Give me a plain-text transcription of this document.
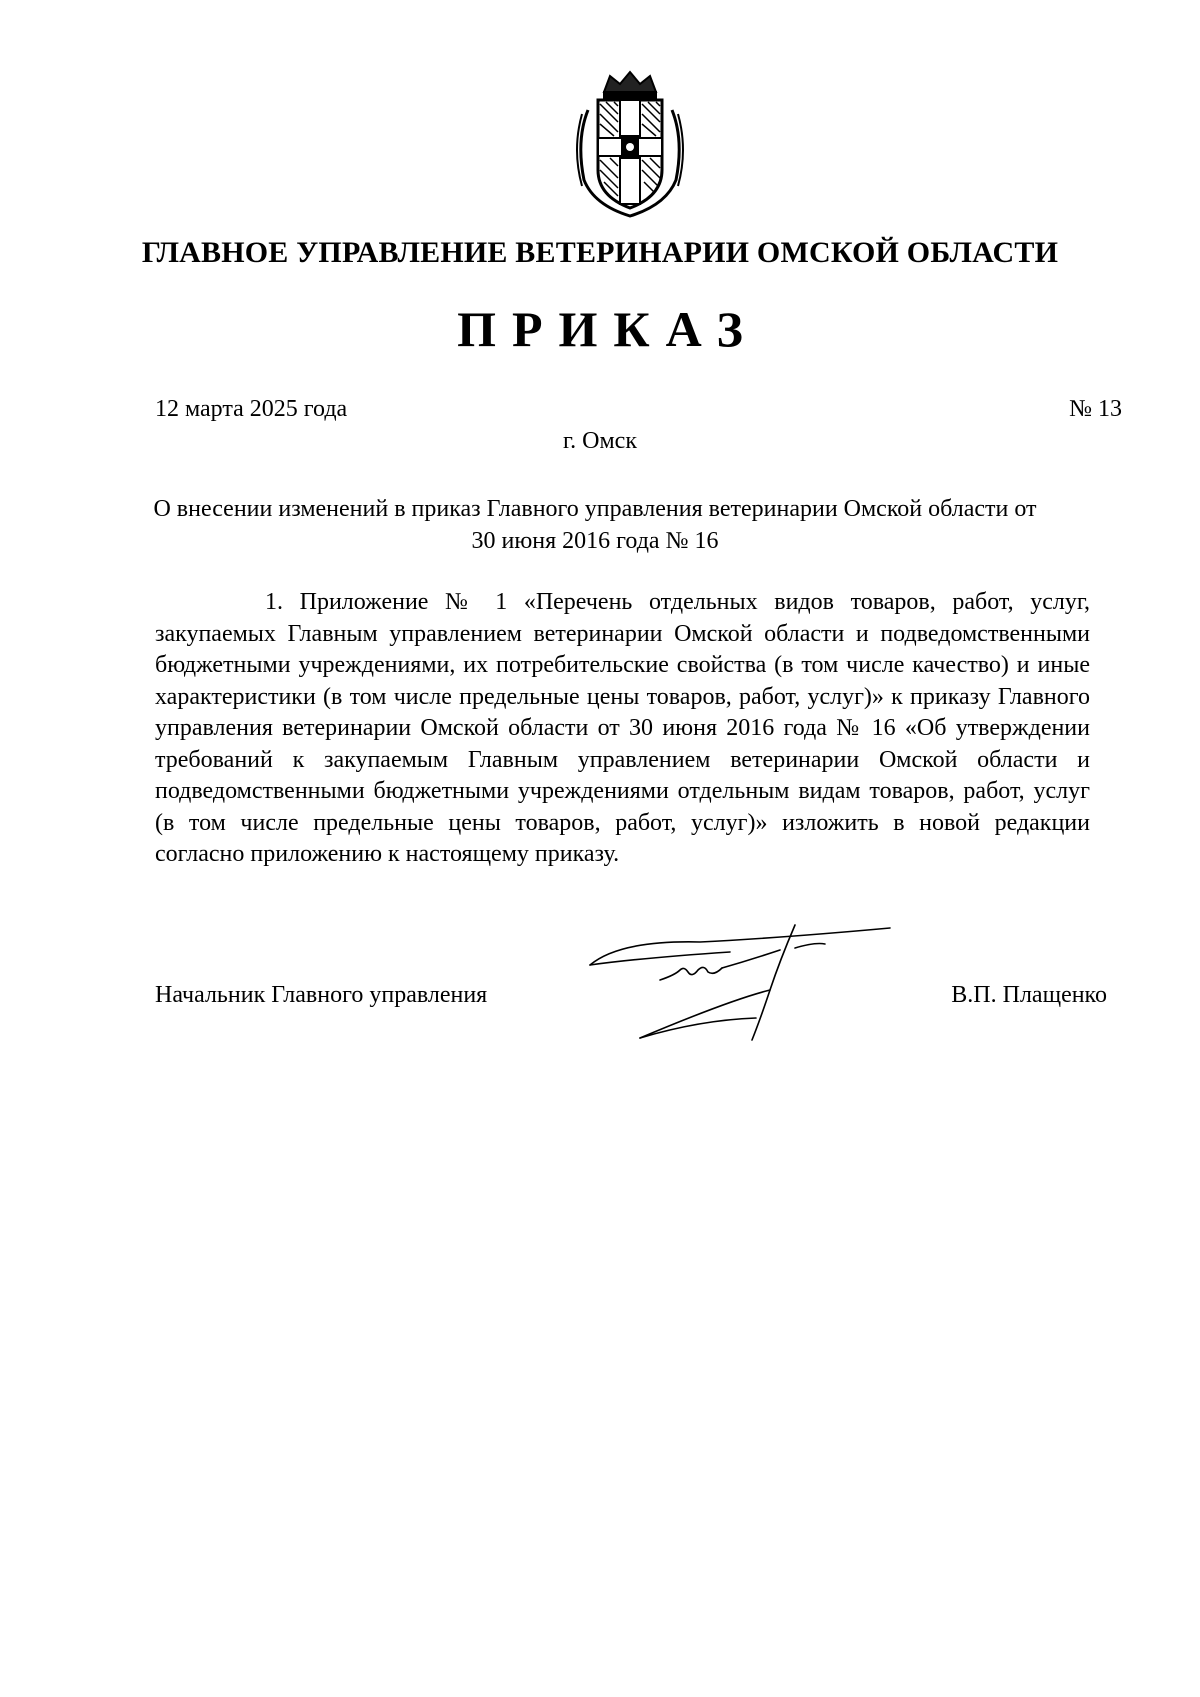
ГЛАВНОЕ УПРАВЛЕНИЕ ВЕТЕРИНАРИИ ОМСКОЙ ОБЛАСТИ
ПРИКАЗ
12 марта 2025 года	№ 13
г. Омск
О внесении изменений в приказ Главного управления ветеринарии Омской области от 30 июня 2016 года № 16

1. Приложение № 1 «Перечень отдельных видов товаров, работ, услуг, закупаемых Главным управлением ветеринарии Омской области и подведомственными бюджетными учреждениями, их потребительские свойства (в том числе качество) и иные характеристики (в том числе предельные цены товаров, работ, услуг)» к приказу Главного управления ветеринарии Омской области от 30 июня 2016 года № 16 «Об утверждении требований к закупаемым Главным управлением ветеринарии Омской области и подведомственными бюджетными учреждениями отдельным видам товаров, работ, услуг (в том числе предельные цены товаров, работ, услуг)» изложить в новой редакции согласно приложению к настоящему приказу.

Начальник Главного управления	В.П. Плащенко
